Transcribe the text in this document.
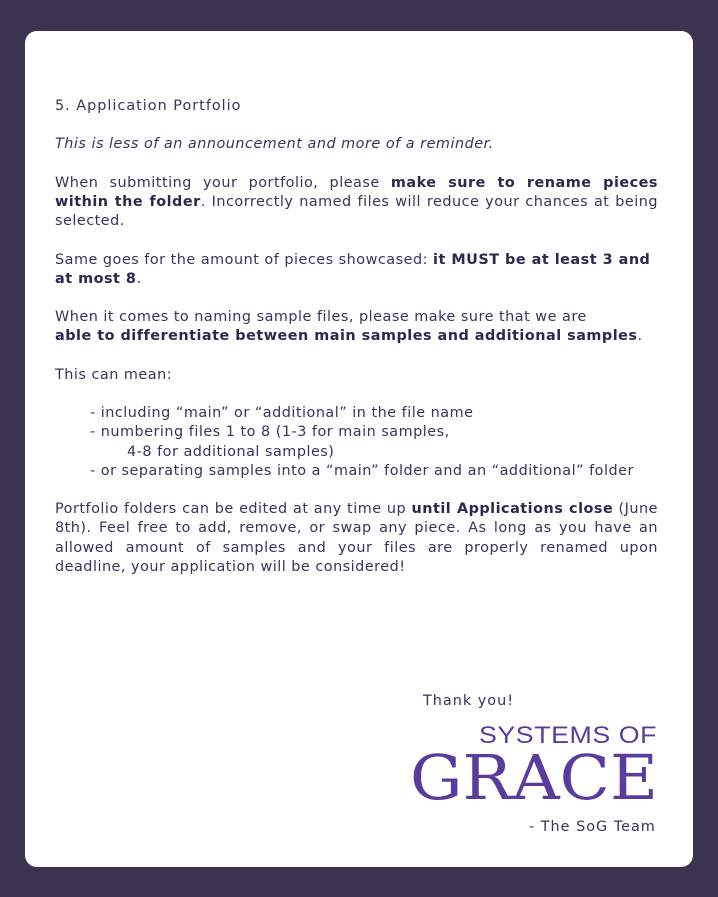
5. Application Portfolio

This is less of an announcement and more of a reminder.

When submitting your portfolio, please make sure to rename pieces within the folder. Incorrectly named files will reduce your chances at being selected.

Same goes for the amount of pieces showcased: it MUST be at least 3 and at most 8.

When it comes to naming sample files, please make sure that we are
able to differentiate between main samples and additional samples.

This can mean:

- including “main” or “additional” in the file name
- numbering files 1 to 8 (1-3 for main samples,
4-8 for additional samples)
- or separating samples into a “main” folder and an “additional” folder

Portfolio folders can be edited at any time up until Applications close (June 8th). Feel free to add, remove, or swap any piece. As long as you have an allowed amount of samples and your files are properly renamed upon deadline, your application will be considered!

Thank you!
SYSTEMS OF
GRACE
- The SoG Team
